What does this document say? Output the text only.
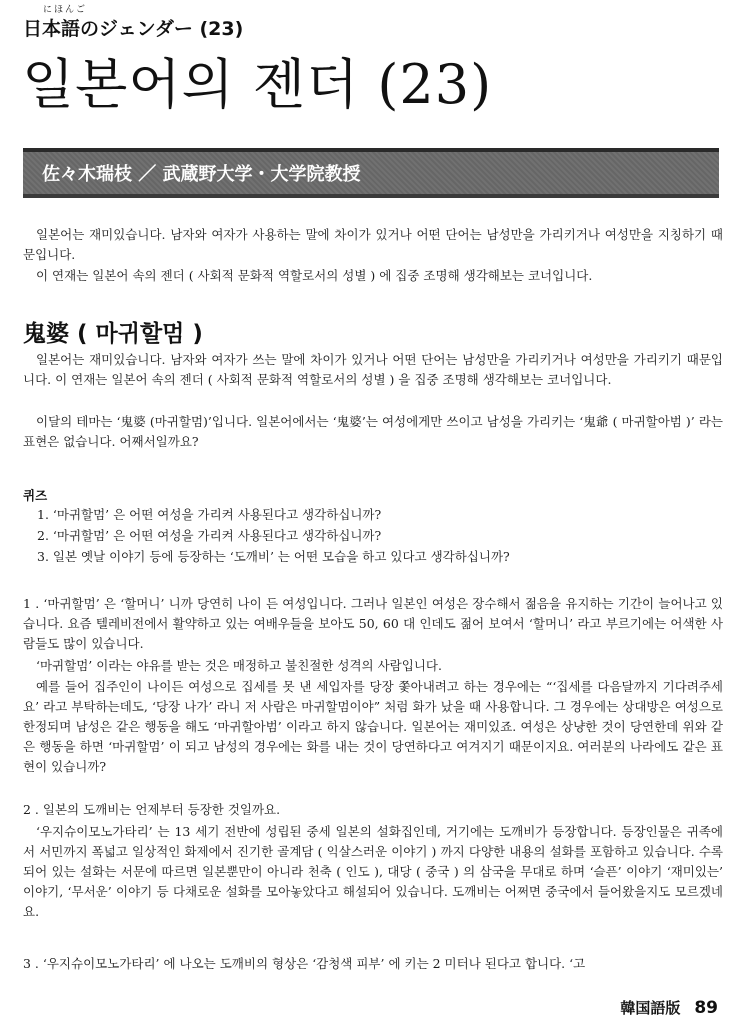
にほんご
日本語のジェンダー (23)
일본어의 젠더 (23)
佐々木瑞枝 ／ 武蔵野大学・大学院教授
일본어는 재미있습니다. 남자와 여자가 사용하는 말에 차이가 있거나 어떤 단어는 남성만을 가리키거나 여성만을 지칭하기 때문입니다.
이 연재는 일본어 속의 젠더 ( 사회적 문화적 역할로서의 성별 ) 에 집중 조명해 생각해보는 코너입니다.
鬼婆 ( 마귀할멈 )
일본어는 재미있습니다. 남자와 여자가 쓰는 말에 차이가 있거나 어떤 단어는 남성만을 가리키거나 여성만을 가리키기 때문입니다. 이 연재는 일본어 속의 젠더 ( 사회적 문화적 역할로서의 성별 ) 을 집중 조명해 생각해보는 코너입니다.
이달의 테마는 ‘鬼婆 (마귀할멈)’입니다. 일본어에서는 ‘鬼婆’는 여성에게만 쓰이고 남성을 가리키는 ‘鬼爺 ( 마귀할아범 )’ 라는 표현은 없습니다. 어째서일까요?
퀴즈
1. ‘마귀할멈’ 은 어떤 여성을 가리켜 사용된다고 생각하십니까?
2. ‘마귀할멈’ 은 어떤 여성을 가리켜 사용된다고 생각하십니까?
3. 일본 옛날 이야기 등에 등장하는 ‘도깨비’ 는 어떤 모습을 하고 있다고 생각하십니까?
1 . ‘마귀할멈’ 은 ‘할머니’ 니까 당연히 나이 든 여성입니다. 그러나 일본인 여성은 장수해서 젊음을 유지하는 기간이 늘어나고 있습니다. 요즘 텔레비전에서 활약하고 있는 여배우들을 보아도 50, 60 대 인데도 젊어 보여서 ‘할머니’ 라고 부르기에는 어색한 사람들도 많이 있습니다.
‘마귀할멈’ 이라는 야유를 받는 것은 매정하고 불친절한 성격의 사람입니다.
예를 들어 집주인이 나이든 여성으로 집세를 못 낸 세입자를 당장 쫓아내려고 하는 경우에는 “‘집세를 다음달까지 기다려주세요’ 라고 부탁하는데도, ‘당장 나가’ 라니 저 사람은 마귀할멈이야” 처럼 화가 났을 때 사용합니다. 그 경우에는 상대방은 여성으로 한정되며 남성은 같은 행동을 해도 ‘마귀할아범’ 이라고 하지 않습니다. 일본어는 재미있죠. 여성은 상냥한 것이 당연한데 위와 같은 행동을 하면 ‘마귀할멈’ 이 되고 남성의 경우에는 화를 내는 것이 당연하다고 여겨지기 때문이지요. 여러분의 나라에도 같은 표현이 있습니까?
2 . 일본의 도깨비는 언제부터 등장한 것일까요.
‘우지슈이모노가타리’ 는 13 세기 전반에 성립된 중세 일본의 설화집인데, 거기에는 도깨비가 등장합니다. 등장인물은 귀족에서 서민까지 폭넓고 일상적인 화제에서 진기한 골계담 ( 익살스러운 이야기 ) 까지 다양한 내용의 설화를 포함하고 있습니다. 수록되어 있는 설화는 서문에 따르면 일본뿐만이 아니라 천축 ( 인도 ), 대당 ( 중국 ) 의 삼국을 무대로 하며 ‘슬픈’ 이야기 ‘재미있는’ 이야기, ‘무서운’ 이야기 등 다채로운 설화를 모아놓았다고 해설되어 있습니다. 도깨비는 어쩌면 중국에서 들어왔을지도 모르겠네요.
3 . ‘우지슈이모노가타리’ 에 나오는 도깨비의 형상은 ‘감청색 피부’ 에 키는 2 미터나 된다고 합니다. ‘고
韓国語版 89
